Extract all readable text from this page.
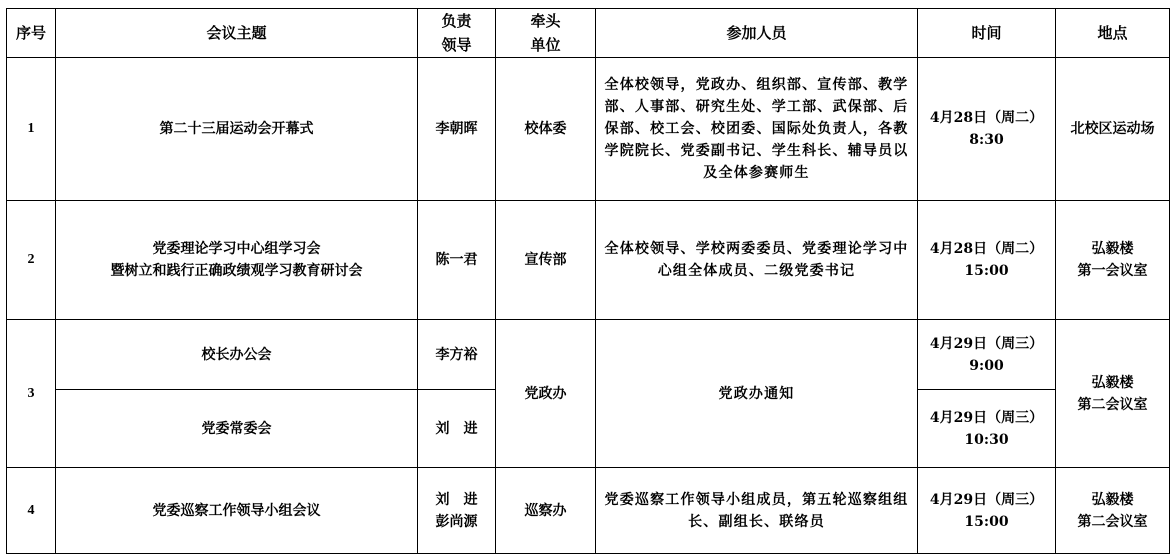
序号	会议主题	负责
领导	牵头
单位	参加人员	时间	地点
1	第二十三届运动会开幕式	李朝晖	校体委	全体校领导，党政办、组织部、宣传部、教学部、人事部、研究生处、学工部、武保部、后保部、校工会、校团委、国际处负责人，各教学院院长、党委副书记、学生科长、辅导员以及全体参赛师生	4月28日（周二）
8:30	北校区运动场
2	党委理论学习中心组学习会
暨树立和践行正确政绩观学习教育研讨会	陈一君	宣传部	全体校领导、学校两委委员、党委理论学习中心组全体成员、二级党委书记	4月28日（周二）
15:00	弘毅楼
第一会议室

3	校长办公会	李方裕	党政办	党政办通知	4月29日（周三）
9:00	弘毅楼
第二会议室

	党委常委会	刘　进			4月29日（周三）
10:30	

4	党委巡察工作领导小组会议	刘　进
彭尚源	巡察办	党委巡察工作领导小组成员，第五轮巡察组组长、副组长、联络员	4月29日（周三）
15:00	弘毅楼
第二会议室
